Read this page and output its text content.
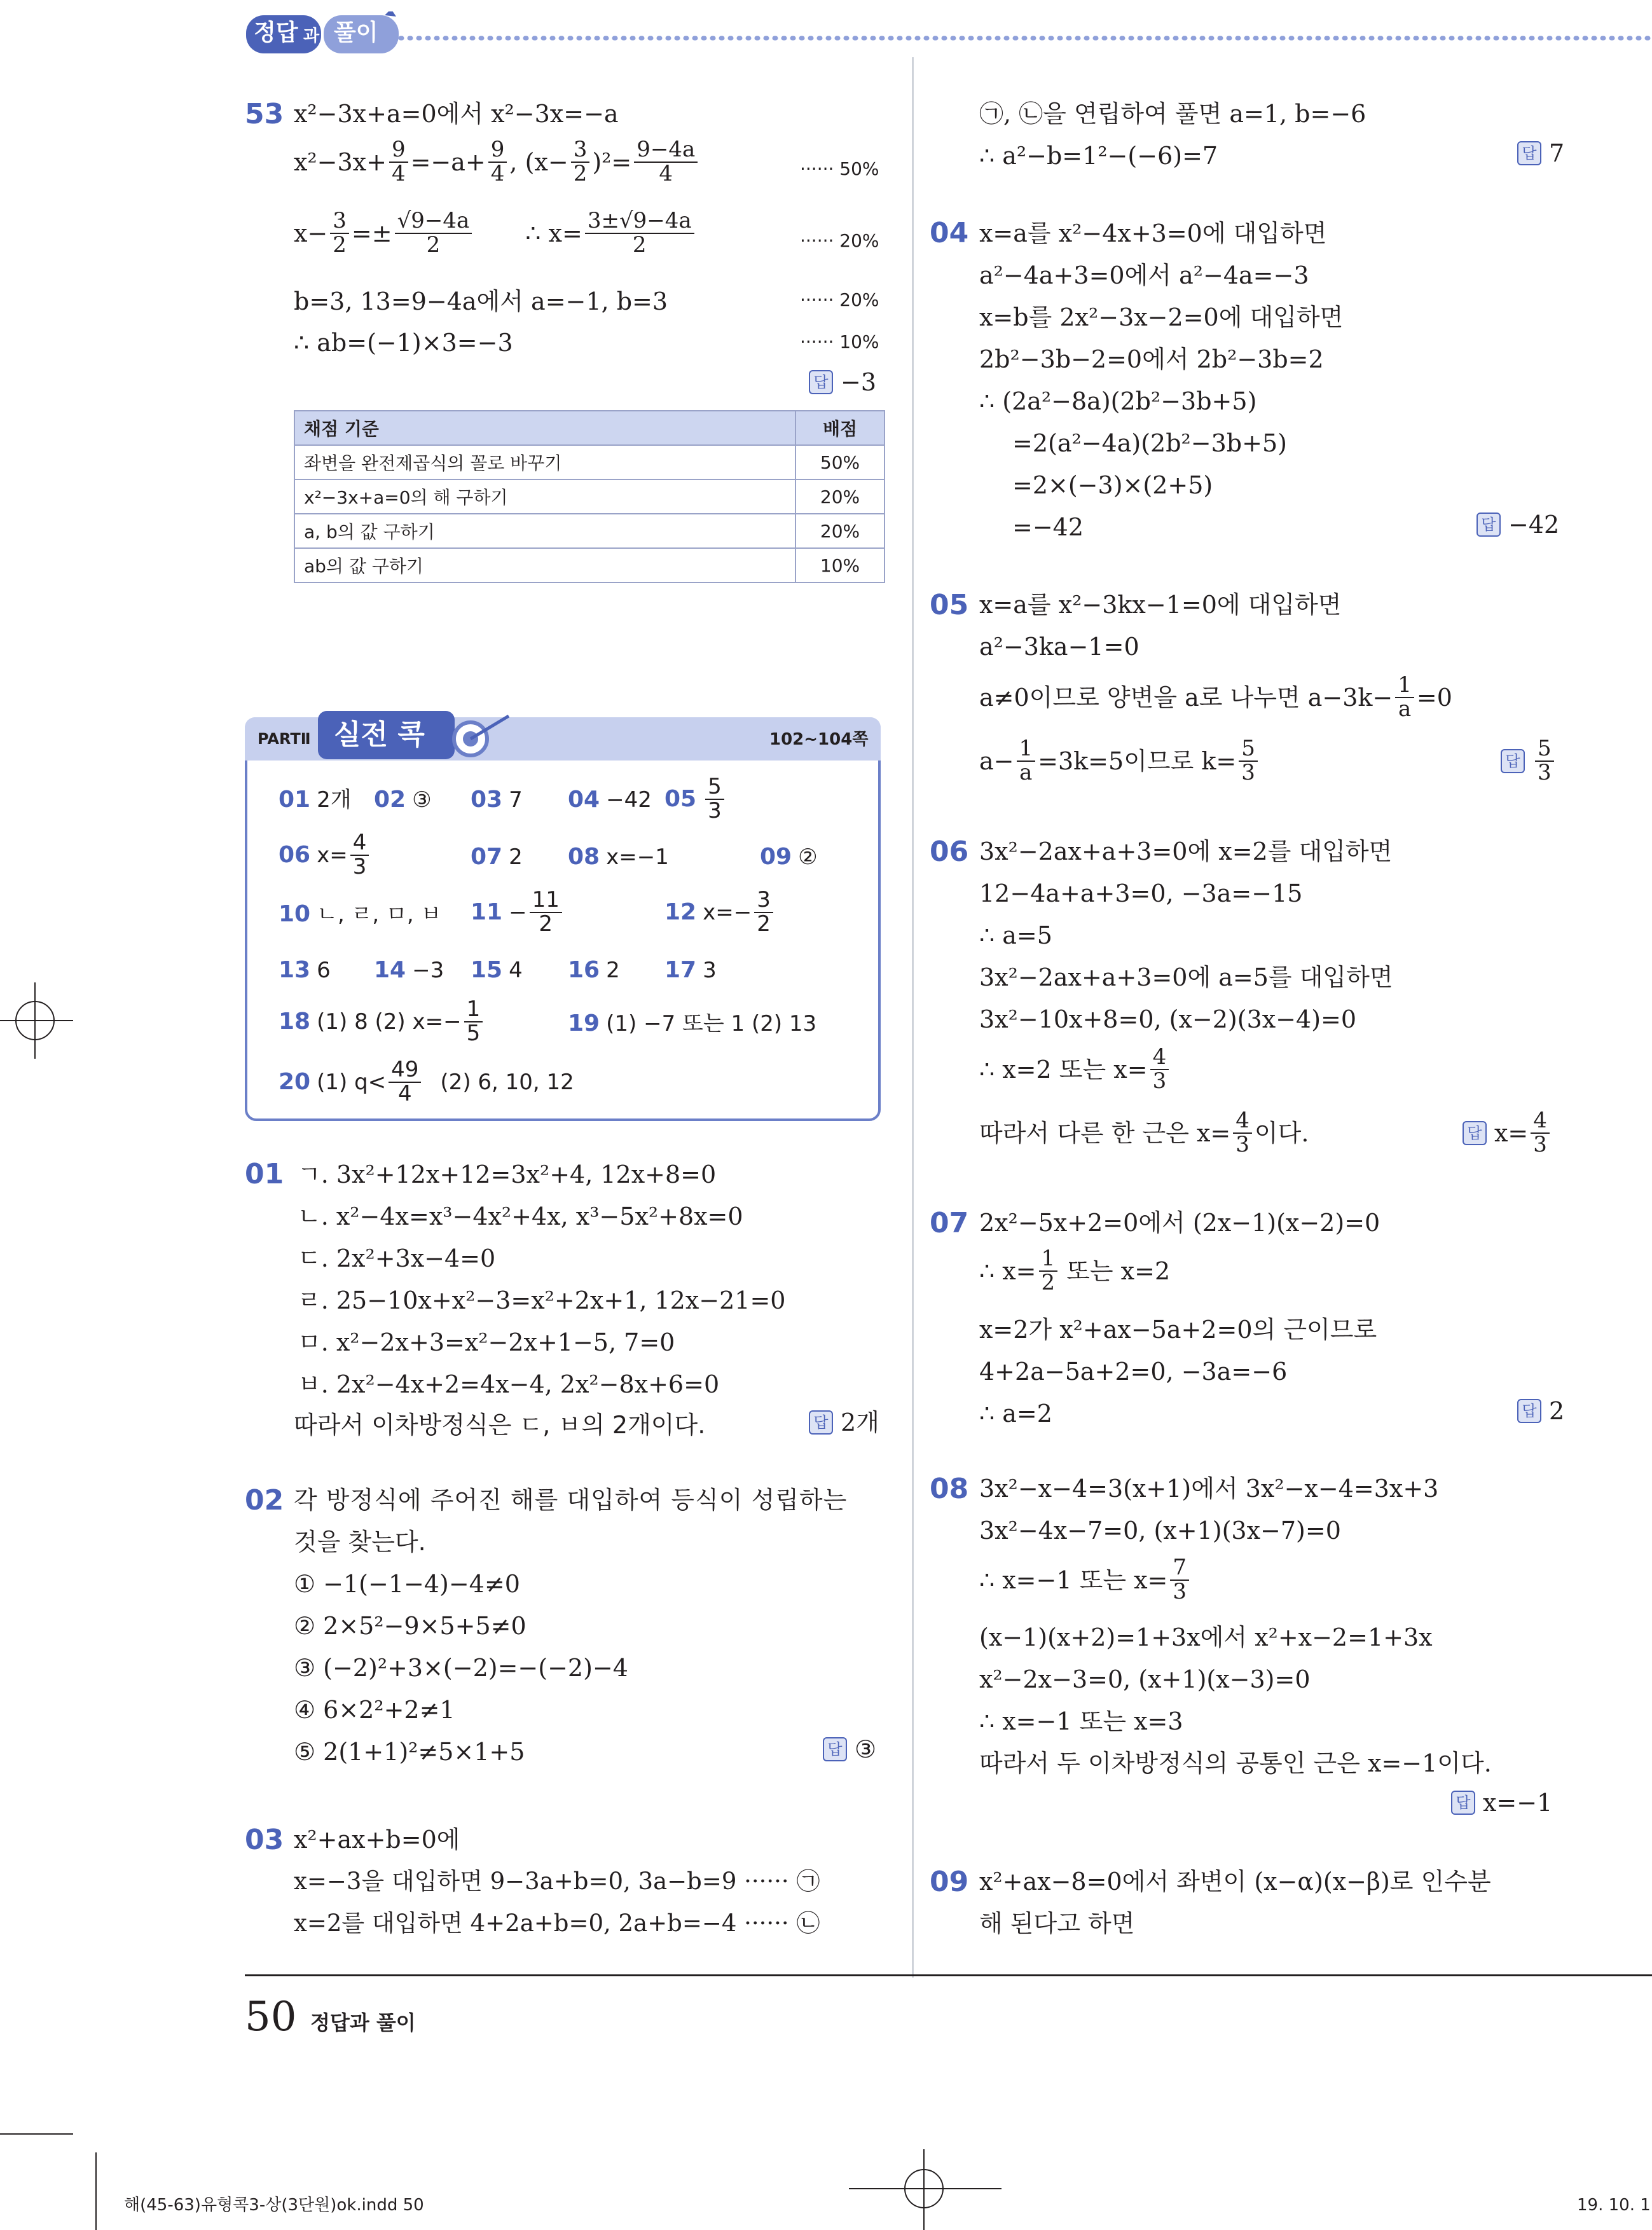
정답 과 풀이
53 x²−3x+a=0에서 x²−3x=−a
$x^2-3x+ \frac{9}{4} =-a+ \frac{9}{4}$ , $(x- \frac{3}{2} )^2= \frac{9-4a}{4}$	······ 50%
$x- \frac{3}{2} =\pm \frac{√9-4a}{2}$ ∴ $x= \frac{3\pm√9-4a}{2}$	······ 20%
b=3, 13=9−4a에서 a=−1, b=3	······ 20%
∴ ab=(−1)×3=−3	······ 10%
답 −3
채점 기준	배점
좌변을 완전제곱식의 꼴로 바꾸기	50%
x²−3x+a=0의 해 구하기	20%
a, b의 값 구하기	20%
ab의 값 구하기	10%
PARTⅡ 실전 콕	102~104쪽
01 2개 02 ③ 03 7 04 −42 $05 \frac{5}{3}$
06 $x= \frac{4}{3}$	07 2 08 x=−1	09 ②
10 ㄴ, ㄹ, ㅁ, ㅂ $11 - \frac{11}{2}$	12 $x=- \frac{3}{2}$
13 6 14 −3 15 4 16 2 17 3
18 (1) 8 (2) $x=- \frac{1}{5}$	19 (1) −7 또는 1 (2) 13
20 (1) $q< \frac{49}{4} (2)$ 6, 10, 12
01 ㄱ. 3x²+12x+12=3x²+4, 12x+8=0
ㄴ. x²−4x=x³−4x²+4x, x³−5x²+8x=0
ㄷ. 2x²+3x−4=0
ㄹ. 25−10x+x²−3=x²+2x+1, 12x−21=0
ㅁ. x²−2x+3=x²−2x+1−5, 7=0
ㅂ. 2x²−4x+2=4x−4, 2x²−8x+6=0
따라서 이차방정식은 ㄷ, ㅂ의 2개이다.	답 2개
02 각 방정식에 주어진 해를 대입하여 등식이 성립하는
것을 찾는다.
① −1(−1−4)−4≠0
② 2×5²−9×5+5≠0
③ (−2)²+3×(−2)=−(−2)−4
④ 6×2²+2≠1
⑤ 2(1+1)²≠5×1+5	답 ③
03 x²+ax+b=0에
x=−3을 대입하면 9−3a+b=0, 3a−b=9 ······ ㉠
x=2를 대입하면 4+2a+b=0, 2a+b=−4 ······ ㉡
㉠, ㉡을 연립하여 풀면 a=1, b=−6
∴ a²−b=1²−(−6)=7	답 7
04 x=a를 x²−4x+3=0에 대입하면
a²−4a+3=0에서 a²−4a=−3
x=b를 2x²−3x−2=0에 대입하면
2b²−3b−2=0에서 2b²−3b=2
∴ (2a²−8a)(2b²−3b+5)
=2(a²−4a)(2b²−3b+5)
=2×(−3)×(2+5)
=−42	답 −42
05 x=a를 x²−3kx−1=0에 대입하면
a²−3ka−1=0
a≠0이므로 양변을 a로 나누면 $a-3k- \frac{1}{a} =0$
$a- \frac{1}{a} =3k=5$이므로 $k= \frac{5}{3}$	답 $\frac{5}{3}$
06 3x²−2ax+a+3=0에 x=2를 대입하면
12−4a+a+3=0, −3a=−15
∴ a=5
3x²−2ax+a+3=0에 a=5를 대입하면
3x²−10x+8=0, (x−2)(3x−4)=0
∴ x=2 또는 $x= \frac{4}{3}$
따라서 다른 한 근은 $x= \frac{4}{3}$ 이다.	답 $x= \frac{4}{3}$
07 2x²−5x+2=0에서 (2x−1)(x−2)=0
∴ $x= \frac{1}{2}$ 또는 x=2
x=2가 x²+ax−5a+2=0의 근이므로
4+2a−5a+2=0, −3a=−6
∴ a=2	답 2
08 3x²−x−4=3(x+1)에서 3x²−x−4=3x+3
3x²−4x−7=0, (x+1)(3x−7)=0
∴ x=−1 또는 $x= \frac{7}{3}$
(x−1)(x+2)=1+3x에서 x²+x−2=1+3x
x²−2x−3=0, (x+1)(x−3)=0
∴ x=−1 또는 x=3
따라서 두 이차방정식의 공통인 근은 x=−1이다.
답 x=−1
09 x²+ax−8=0에서 좌변이 (x−α)(x−β)로 인수분
해 된다고 하면
50 정답과 풀이
해(45-63)유형콕3-상(3단원)ok.indd 50	19. 10. 1
